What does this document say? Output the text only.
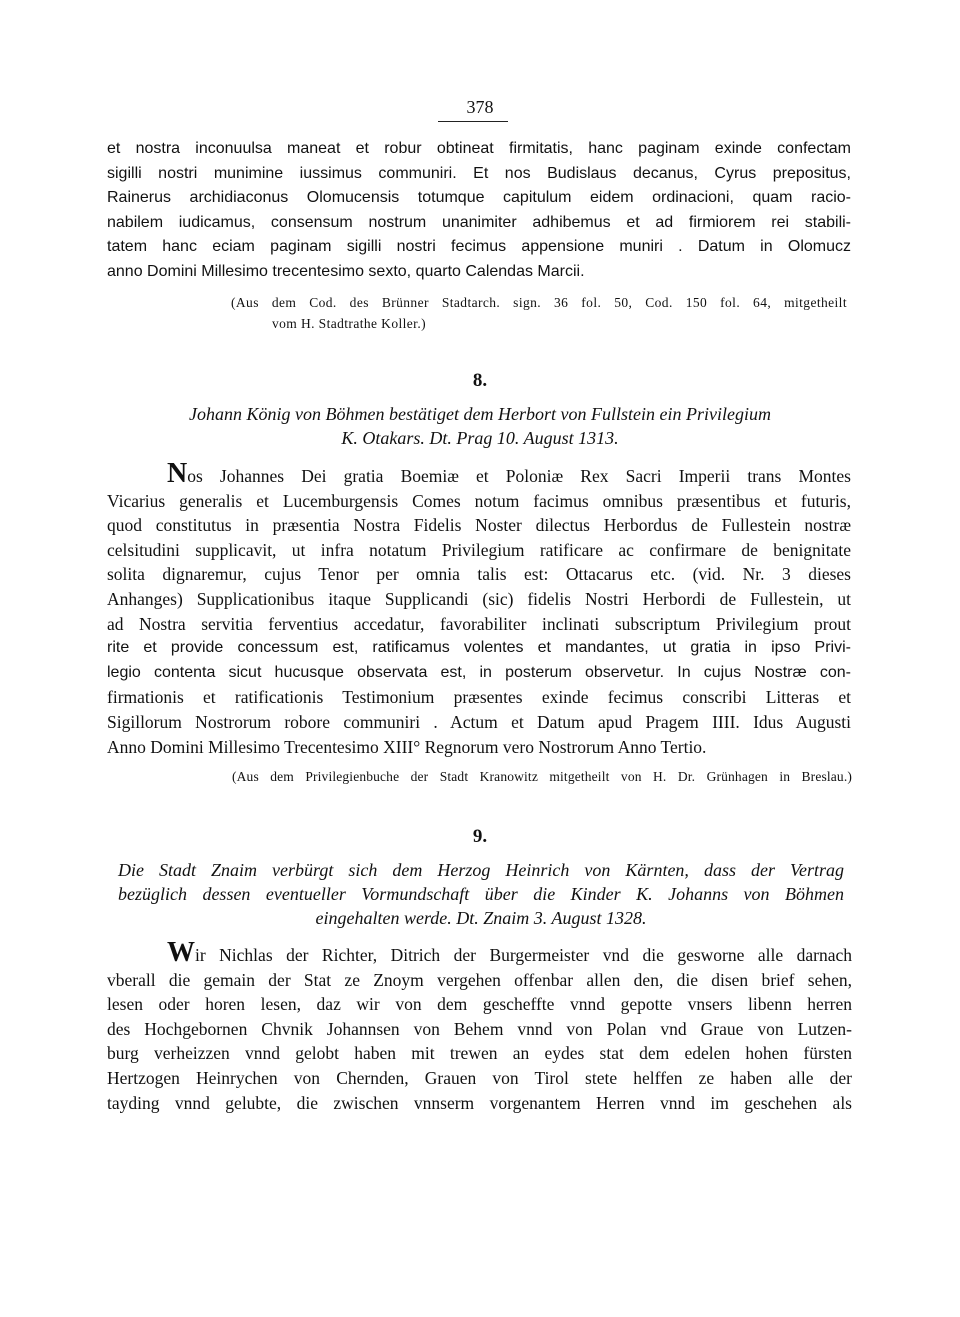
378
et nostra inconuulsa maneat et robur obtineat firmitatis, hanc paginam exinde confectam
sigilli nostri munimine iussimus communiri. Et nos Budislaus decanus, Cyrus prepositus,
Rainerus archidiaconus Olomucensis totumque capitulum eidem ordinacioni, quam racio-
nabilem iudicamus, consensum nostrum unanimiter adhibemus et ad firmiorem rei stabili-
tatem hanc eciam paginam sigilli nostri fecimus appensione muniri . Datum in Olomucz
anno Domini Millesimo trecentesimo sexto, quarto Calendas Marcii.
(Aus dem Cod. des Brünner Stadtarch. sign. 36 fol. 50, Cod. 150 fol. 64, mitgetheilt
vom H. Stadtrathe Koller.)
8.
Johann König von Böhmen bestätiget dem Herbort von Fullstein ein Privilegium
K. Otakars. Dt. Prag 10. August 1313.
Nos Johannes Dei gratia Boemiæ et Poloniæ Rex Sacri Imperii trans Montes
Vicarius generalis et Lucemburgensis Comes notum facimus omnibus præsentibus et futuris,
quod constitutus in præsentia Nostra Fidelis Noster dilectus Herbordus de Fullestein nostræ
celsitudini supplicavit, ut infra notatum Privilegium ratificare ac confirmare de benignitate
solita dignaremur, cujus Tenor per omnia talis est: Ottacarus etc. (vid. Nr. 3 dieses
Anhanges) Supplicationibus itaque Supplicandi (sic) fidelis Nostri Herbordi de Fullestein, ut
ad Nostra servitia ferventius accedatur, favorabiliter inclinati subscriptum Privilegium prout
rite et provide concessum est, ratificamus volentes et mandantes, ut gratia in ipso Privi-
legio contenta sicut hucusque observata est, in posterum observetur. In cujus Nostræ con-
firmationis et ratificationis Testimonium præsentes exinde fecimus conscribi Litteras et
Sigillorum Nostrorum robore communiri . Actum et Datum apud Pragem IIII. Idus Augusti
Anno Domini Millesimo Trecentesimo XIII° Regnorum vero Nostrorum Anno Tertio.
(Aus dem Privilegienbuche der Stadt Kranowitz mitgetheilt von H. Dr. Grünhagen in Breslau.)
9.
Die Stadt Znaim verbürgt sich dem Herzog Heinrich von Kärnten, dass der Vertrag
bezüglich dessen eventueller Vormundschaft über die Kinder K. Johanns von Böhmen
eingehalten werde. Dt. Znaim 3. August 1328.
Wir Nichlas der Richter, Ditrich der Burgermeister vnd die gesworne alle darnach
vberall die gemain der Stat ze Znoym vergehen offenbar allen den, die disen brief sehen,
lesen oder horen lesen, daz wir von dem gescheffte vnnd gepotte vnsers libenn herren
des Hochgebornen Chvnik Johannsen von Behem vnnd von Polan vnd Graue von Lutzen-
burg verheizzen vnnd gelobt haben mit trewen an eydes stat dem edelen hohen fürsten
Hertzogen Heinrychen von Chernden, Grauen von Tirol stete helffen ze haben alle der
tayding vnnd gelubte, die zwischen vnnserm vorgenantem Herren vnnd im geschehen als
